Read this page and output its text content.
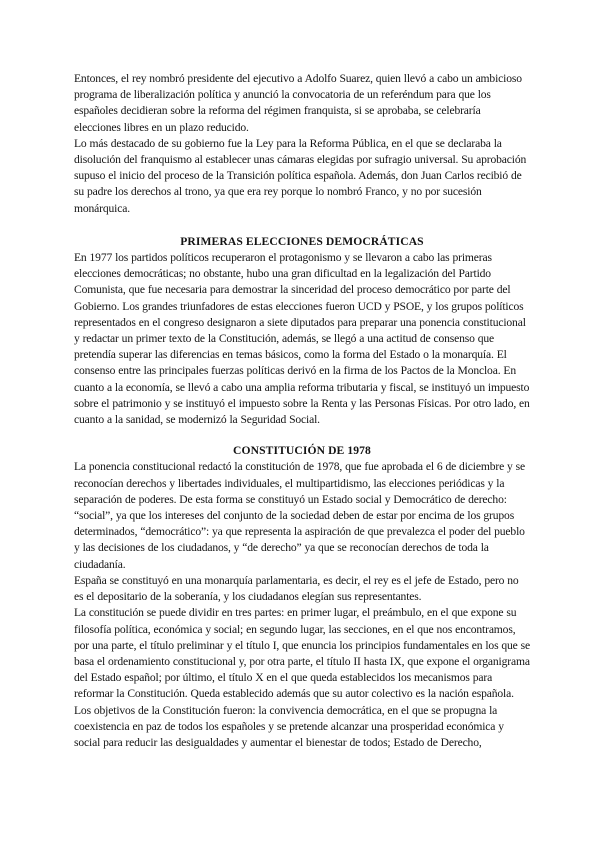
Entonces, el rey nombró presidente del ejecutivo a Adolfo Suarez, quien llevó a cabo un ambicioso programa de liberalización política y anunció la convocatoria de un referéndum para que los españoles decidieran sobre la reforma del régimen franquista, si se aprobaba, se celebraría elecciones libres en un plazo reducido.

Lo más destacado de su gobierno fue la Ley para la Reforma Pública, en el que se declaraba la disolución del franquismo al establecer unas cámaras elegidas por sufragio universal. Su aprobación supuso el inicio del proceso de la Transición política española. Además, don Juan Carlos recibió de su padre los derechos al trono, ya que era rey porque lo nombró Franco, y no por sucesión monárquica.

PRIMERAS ELECCIONES DEMOCRÁTICAS

En 1977 los partidos políticos recuperaron el protagonismo y se llevaron a cabo las primeras elecciones democráticas; no obstante, hubo una gran dificultad en la legalización del Partido Comunista, que fue necesaria para demostrar la sinceridad del proceso democrático por parte del Gobierno. Los grandes triunfadores de estas elecciones fueron UCD y PSOE, y los grupos políticos representados en el congreso designaron a siete diputados para preparar una ponencia constitucional y redactar un primer texto de la Constitución, además, se llegó a una actitud de consenso que pretendía superar las diferencias en temas básicos, como la forma del Estado o la monarquía. El consenso entre las principales fuerzas políticas derivó en la firma de los Pactos de la Moncloa. En cuanto a la economía, se llevó a cabo una amplia reforma tributaria y fiscal, se instituyó un impuesto sobre el patrimonio y se instituyó el impuesto sobre la Renta y las Personas Físicas. Por otro lado, en cuanto a la sanidad, se modernizó la Seguridad Social.

CONSTITUCIÓN DE 1978

La ponencia constitucional redactó la constitución de 1978, que fue aprobada el 6 de diciembre y se reconocían derechos y libertades individuales, el multipartidismo, las elecciones periódicas y la separación de poderes. De esta forma se constituyó un Estado social y Democrático de derecho: “social”, ya que los intereses del conjunto de la sociedad deben de estar por encima de los grupos determinados, “democrático”: ya que representa la aspiración de que prevalezca el poder del pueblo y las decisiones de los ciudadanos, y “de derecho” ya que se reconocían derechos de toda la ciudadanía.

España se constituyó en una monarquía parlamentaria, es decir, el rey es el jefe de Estado, pero no es el depositario de la soberanía, y los ciudadanos elegían sus representantes.

La constitución se puede dividir en tres partes: en primer lugar, el preámbulo, en el que expone su filosofía política, económica y social; en segundo lugar, las secciones, en el que nos encontramos, por una parte, el título preliminar y el título I, que enuncia los principios fundamentales en los que se basa el ordenamiento constitucional y, por otra parte, el título II hasta IX, que expone el organigrama del Estado español; por último, el título X en el que queda establecidos los mecanismos para reformar la Constitución. Queda establecido además que su autor colectivo es la nación española.

Los objetivos de la Constitución fueron: la convivencia democrática, en el que se propugna la coexistencia en paz de todos los españoles y se pretende alcanzar una prosperidad económica y social para reducir las desigualdades y aumentar el bienestar de todos; Estado de Derecho,
